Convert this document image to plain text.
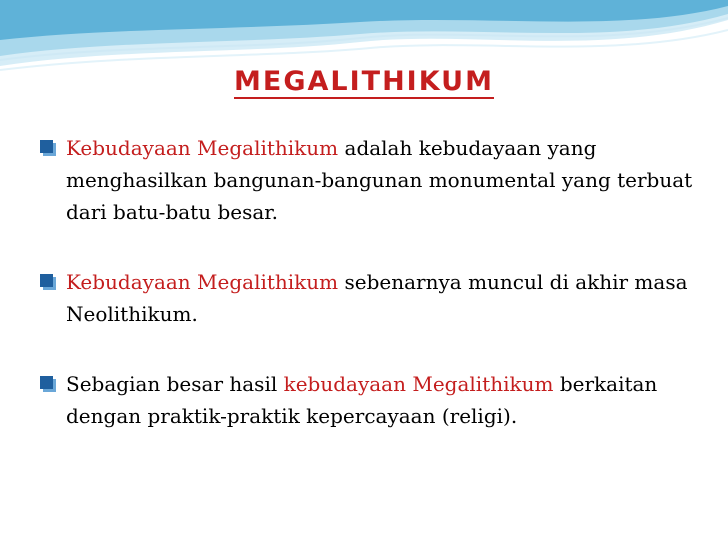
MEGALITHIKUM
Kebudayaan Megalithikum adalah kebudayaan yang menghasilkan bangunan-bangunan monumental yang terbuat dari batu-batu besar.
Kebudayaan Megalithikum sebenarnya muncul di akhir masa Neolithikum.
Sebagian besar hasil kebudayaan Megalithikum berkaitan dengan praktik-praktik kepercayaan (religi).
